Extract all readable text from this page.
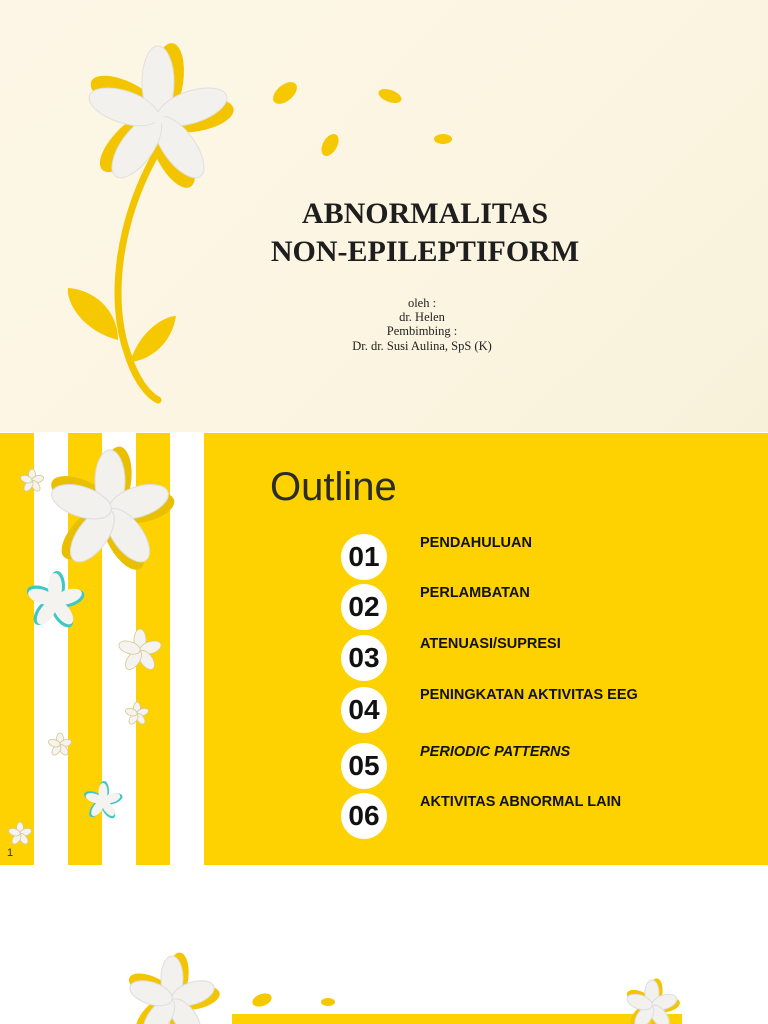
ABNORMALITAS
NON-EPILEPTIFORM
oleh :
dr. Helen
Pembimbing :
Dr. dr. Susi Aulina, SpS (K)
Outline
01	PENDAHULUAN
02	PERLAMBATAN
03	ATENUASI/SUPRESI
04	PENINGKATAN AKTIVITAS EEG
05	PERIODIC PATTERNS
06	AKTIVITAS ABNORMAL LAIN
1
